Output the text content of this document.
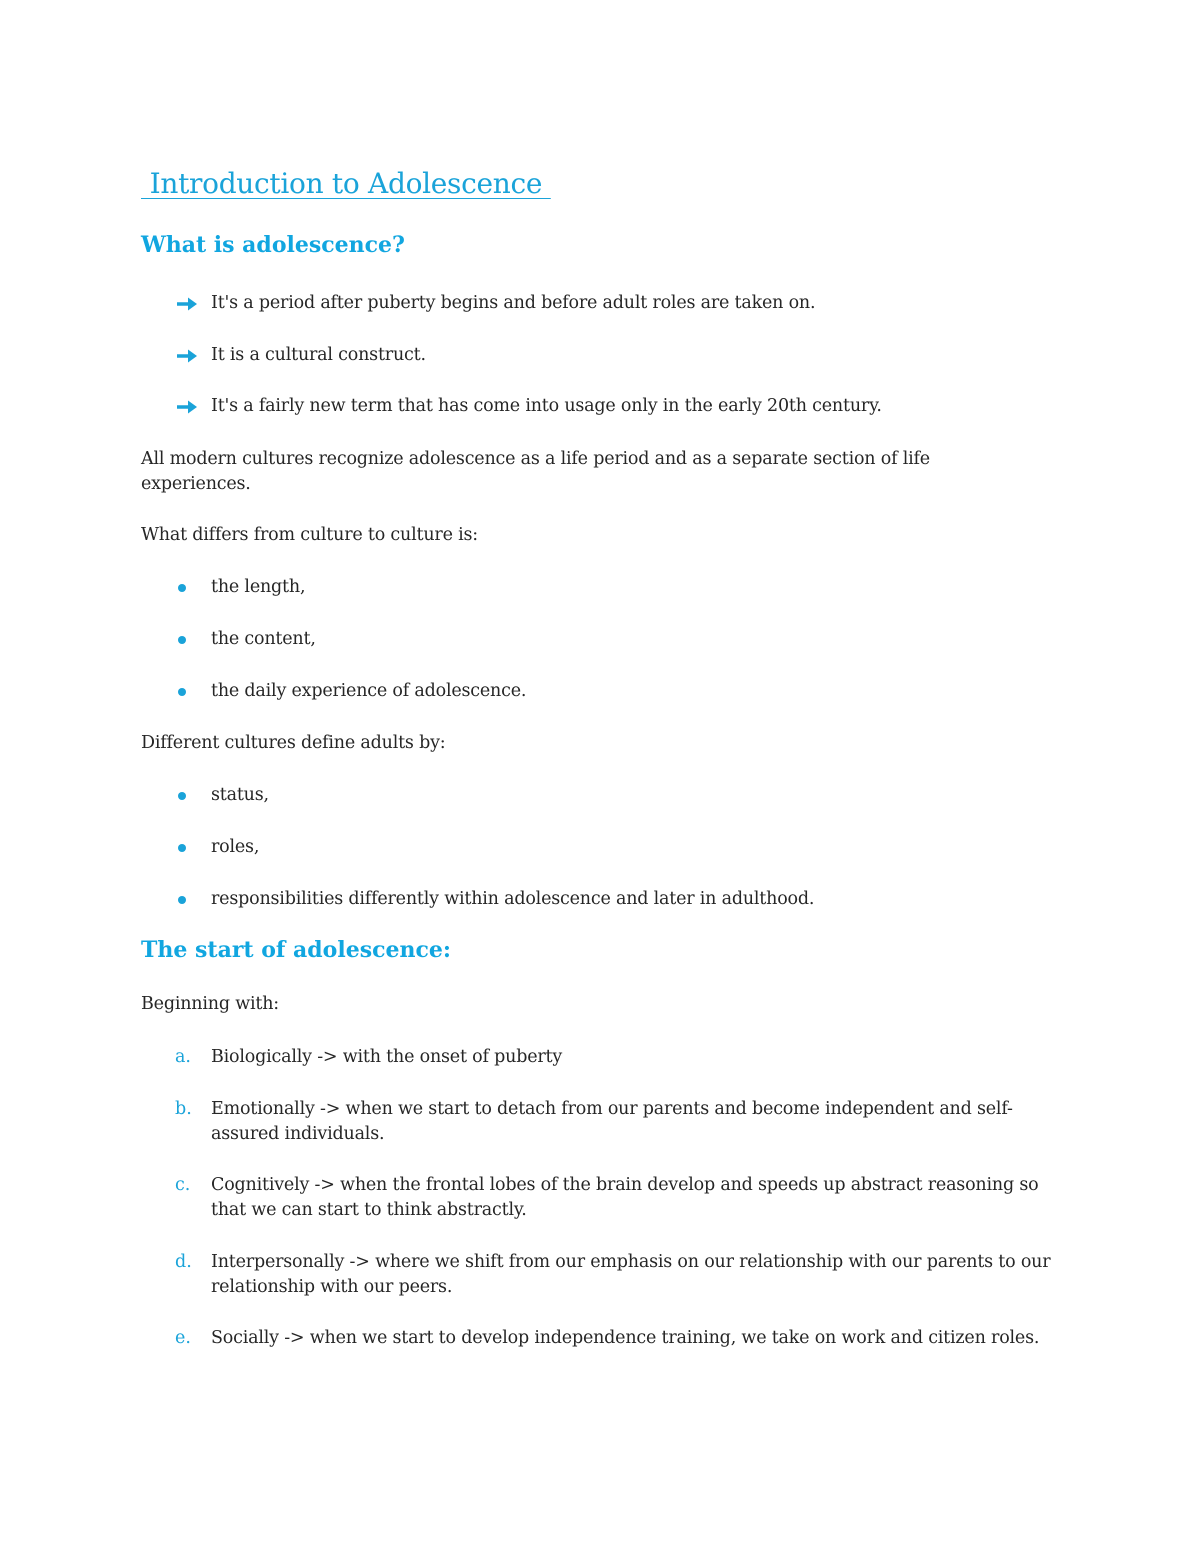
Introduction to Adolescence
What is adolescence?
It's a period after puberty begins and before adult roles are taken on.
It is a cultural construct.
It's a fairly new term that has come into usage only in the early 20th century.
All modern cultures recognize adolescence as a life period and as a separate section of life experiences.
What differs from culture to culture is:
the length,
the content,
the daily experience of adolescence.
Different cultures define adults by:
status,
roles,
responsibilities differently within adolescence and later in adulthood.
The start of adolescence:
Beginning with:
a. Biologically -> with the onset of puberty
b. Emotionally -> when we start to detach from our parents and become independent and self-assured individuals.
c. Cognitively -> when the frontal lobes of the brain develop and speeds up abstract reasoning so that we can start to think abstractly.
d. Interpersonally -> where we shift from our emphasis on our relationship with our parents to our relationship with our peers.
e. Socially -> when we start to develop independence training, we take on work and citizen roles.
